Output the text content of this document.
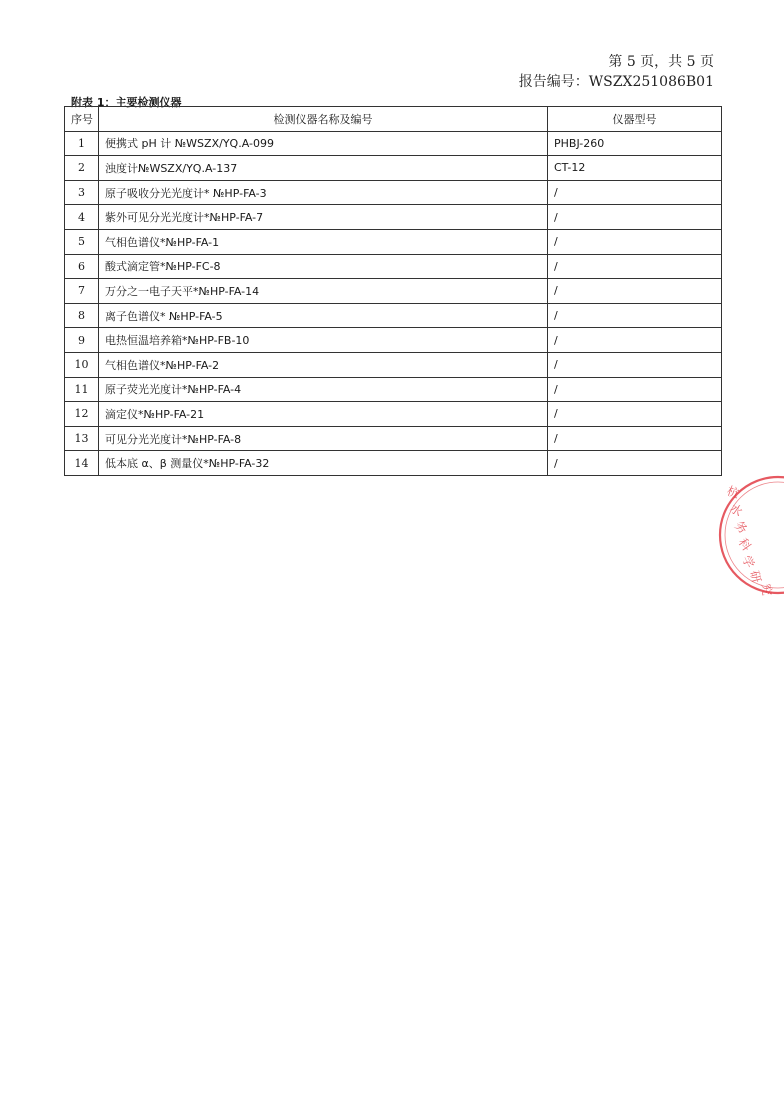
第 5 页，共 5 页
报告编号：WSZX251086B01
附表 1：主要检测仪器
序号	检测仪器名称及编号	仪器型号
1	便携式 pH 计 №WSZX/YQ.A-099	PHBJ-260
2	浊度计№WSZX/YQ.A-137	CT-12
3	原子吸收分光光度计* №HP-FA-3	/
4	紫外可见分光光度计*№HP-FA-7	/
5	气相色谱仪*№HP-FA-1	/
6	酸式滴定管*№HP-FC-8	/
7	万分之一电子天平*№HP-FA-14	/
8	离子色谱仪* №HP-FA-5	/
9	电热恒温培养箱*№HP-FB-10	/
10	气相色谱仪*№HP-FA-2	/
11	原子荧光光度计*№HP-FA-4	/
12	滴定仪*№HP-FA-21	/
13	可见分光光度计*№HP-FA-8	/
14	低本底 α、β 测量仪*№HP-FA-32	/
杭
水
务
科
学
研
究
